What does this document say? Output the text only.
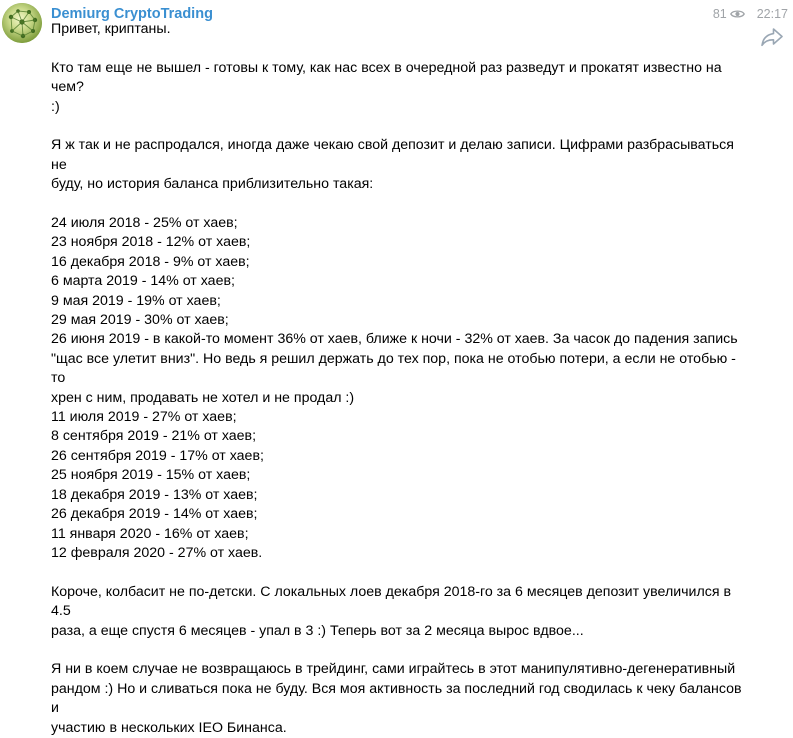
Demiurg CryptoTrading	81 22:17

Привет, криптаны.

Кто там еще не вышел - готовы к тому, как нас всех в очередной раз разведут и прокатят известно на чем?
:)

Я ж так и не распродался, иногда даже чекаю свой депозит и делаю записи. Цифрами разбрасываться не
буду, но история баланса приблизительно такая:

24 июля 2018 - 25% от хаев;
23 ноября 2018 - 12% от хаев;
16 декабря 2018 - 9% от хаев;
6 марта 2019 - 14% от хаев;
9 мая 2019 - 19% от хаев;
29 мая 2019 - 30% от хаев;
26 июня 2019 - в какой-то момент 36% от хаев, ближе к ночи - 32% от хаев. За часок до падения запись
"щас все улетит вниз". Но ведь я решил держать до тех пор, пока не отобью потери, а если не отобью - то
хрен с ним, продавать не хотел и не продал :)
11 июля 2019 - 27% от хаев;
8 сентября 2019 - 21% от хаев;
26 сентября 2019 - 17% от хаев;
25 ноября 2019 - 15% от хаев;
18 декабря 2019 - 13% от хаев;
26 декабря 2019 - 14% от хаев;
11 января 2020 - 16% от хаев;
12 февраля 2020 - 27% от хаев.

Короче, колбасит не по-детски. С локальных лоев декабря 2018-го за 6 месяцев депозит увеличился в 4.5
раза, а еще спустя 6 месяцев - упал в 3 :) Теперь вот за 2 месяца вырос вдвое...

Я ни в коем случае не возвращаюсь в трейдинг, сами играйтесь в этот манипулятивно-дегенеративный
рандом :) Но и сливаться пока не буду. Вся моя активность за последний год сводилась к чеку балансов и
участию в нескольких IEO Бинанса.
